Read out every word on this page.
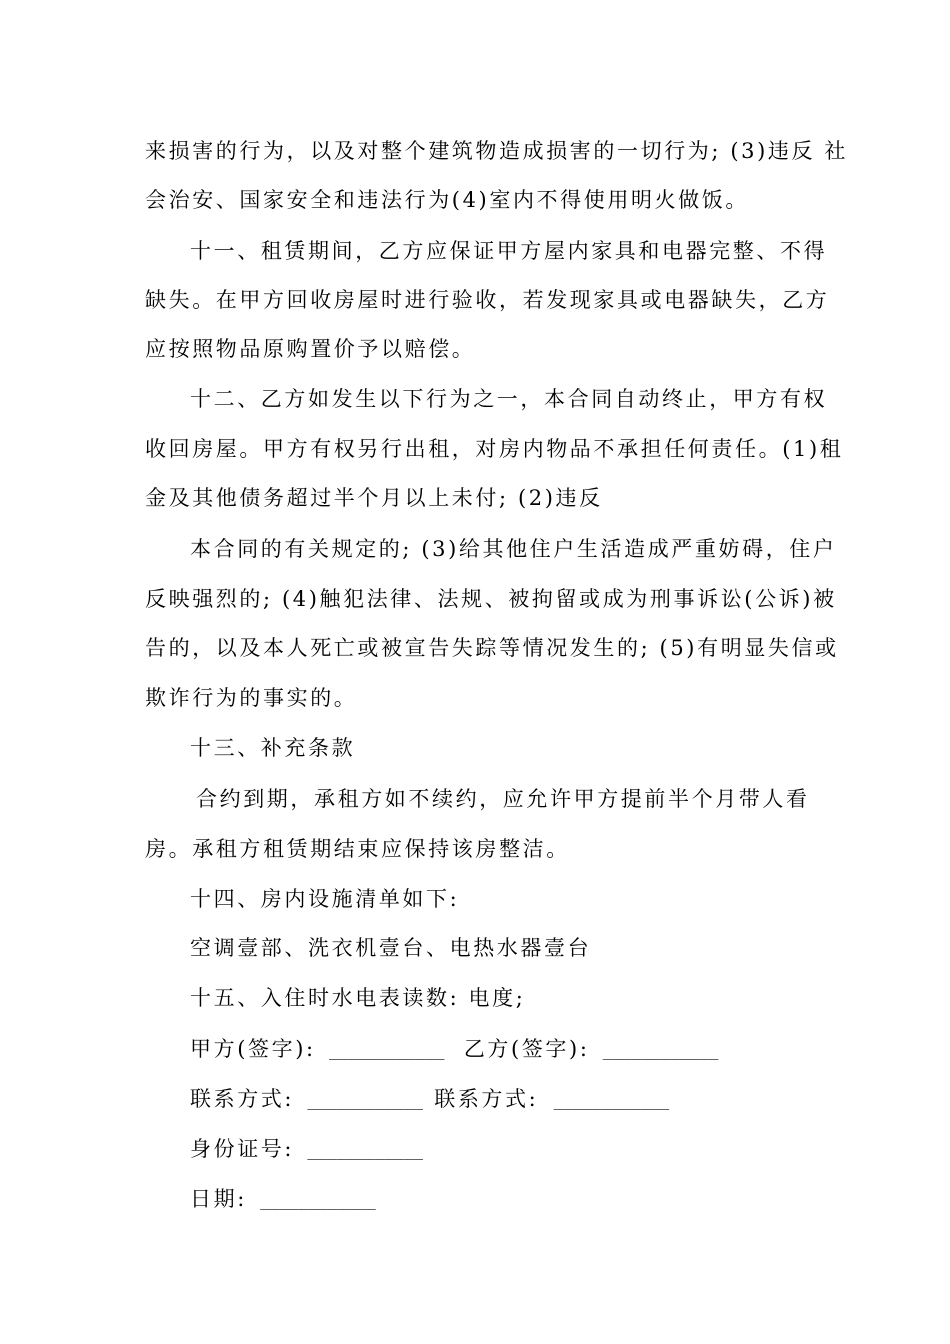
来损害的行为，以及对整个建筑物造成损害的一切行为; (3)违反 社
会治安、国家安全和违法行为(4)室内不得使用明火做饭。
十一、租赁期间，乙方应保证甲方屋内家具和电器完整、不得
缺失。在甲方回收房屋时进行验收，若发现家具或电器缺失，乙方
应按照物品原购置价予以赔偿。
十二、乙方如发生以下行为之一，本合同自动终止，甲方有权
收回房屋。甲方有权另行出租，对房内物品不承担任何责任。(1)租
金及其他债务超过半个月以上未付; (2)违反
本合同的有关规定的; (3)给其他住户生活造成严重妨碍，住户
反映强烈的; (4)触犯法律、法规、被拘留或成为刑事诉讼(公诉)被
告的，以及本人死亡或被宣告失踪等情况发生的; (5)有明显失信或
欺诈行为的事实的。
十三、补充条款
合约到期，承租方如不续约，应允许甲方提前半个月带人看
房。承租方租赁期结束应保持该房整洁。
十四、房内设施清单如下:
空调壹部、洗衣机壹台、电热水器壹台
十五、入住时水电表读数: 电度;
甲方(签字): ____________ 乙方(签字): ____________
联系方式: ____________ 联系方式: ____________
身份证号: ____________
日期: ____________
